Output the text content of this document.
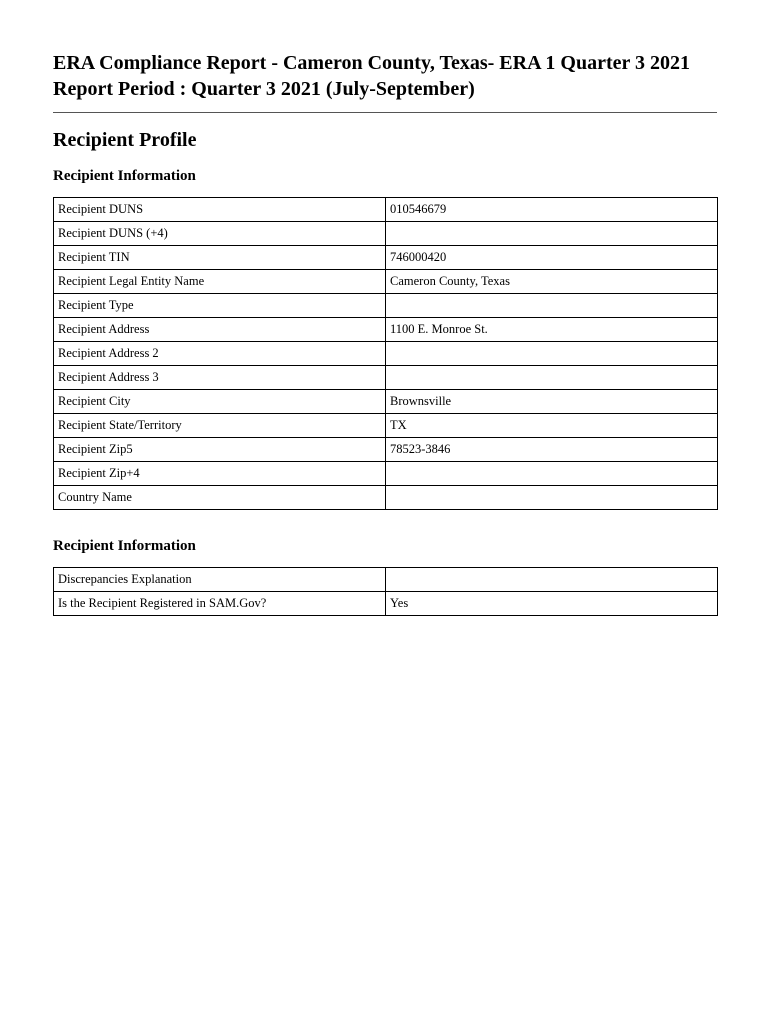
ERA Compliance Report - Cameron County, Texas- ERA 1 Quarter 3 2021
Report Period : Quarter 3 2021 (July-September)
Recipient Profile
Recipient Information
Recipient DUNS	010546679
Recipient DUNS (+4)	
Recipient TIN	746000420
Recipient Legal Entity Name	Cameron County, Texas
Recipient Type	
Recipient Address	1100 E. Monroe St.
Recipient Address 2	
Recipient Address 3	
Recipient City	Brownsville
Recipient State/Territory	TX
Recipient Zip5	78523-3846
Recipient Zip+4	
Country Name	
Recipient Information
Discrepancies Explanation	
Is the Recipient Registered in SAM.Gov?	Yes
